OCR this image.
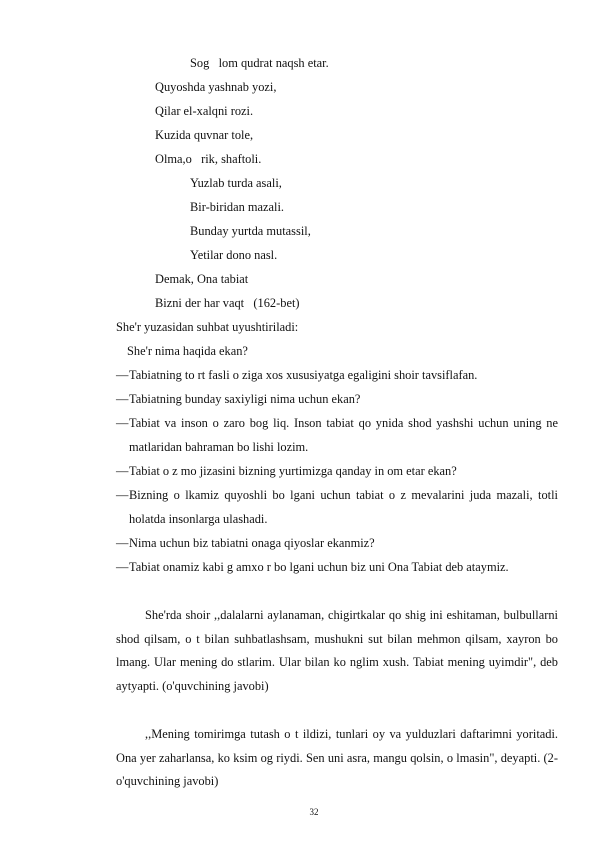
Sog   lom qudrat naqsh etar.
Quyoshda yashnab yozi,
Qilar el-xalqni rozi.
Kuzida quvnar tole,
Olma,o   rik, shaftoli.
Yuzlab turda asali,
Bir-biridan mazali.
Bunday yurtda mutassil,
Yetilar dono nasl.
Demak, Ona tabiat
Bizni der har vaqt   (162-bet)
She'r yuzasidan suhbat uyushtiriladi:
She'r nima haqida ekan?
— Tabiatning to rt fasli o ziga xos xususiyatga egaligini shoir tavsiflafan.
— Tabiatning bunday saxiyligi nima uchun ekan?
— Tabiat va inson o zaro bog liq. Inson tabiat qo ynida shod yashshi uchun uning ne matlaridan bahraman bo lishi lozim.
— Tabiat o z mo jizasini bizning yurtimizga qanday in om etar ekan?
— Bizning o lkamiz quyoshli bo lgani uchun tabiat o z mevalarini juda mazali, totli holatda insonlarga ulashadi.
— Nima uchun biz tabiatni onaga qiyoslar ekanmiz?
— Tabiat onamiz kabi g amxo r bo lgani uchun biz uni Ona Tabiat deb ataymiz.
She'rda shoir ,,dalalarni aylanaman, chigirtkalar qo shig ini eshitaman, bulbullarni shod qilsam, o t bilan suhbatlashsam, mushukni sut bilan mehmon qilsam, xayron bo lmang. Ular mening do stlarim. Ular bilan ko nglim xush. Tabiat mening uyimdir", deb aytyapti. (o'quvchining javobi)
,,Mening tomirimga tutash o t ildizi, tunlari oy va yulduzlari daftarimni yoritadi. Ona yer zaharlansa, ko ksim og riydi. Sen uni asra, mangu qolsin, o lmasin", deyapti. (2-o'quvchining javobi)
32
